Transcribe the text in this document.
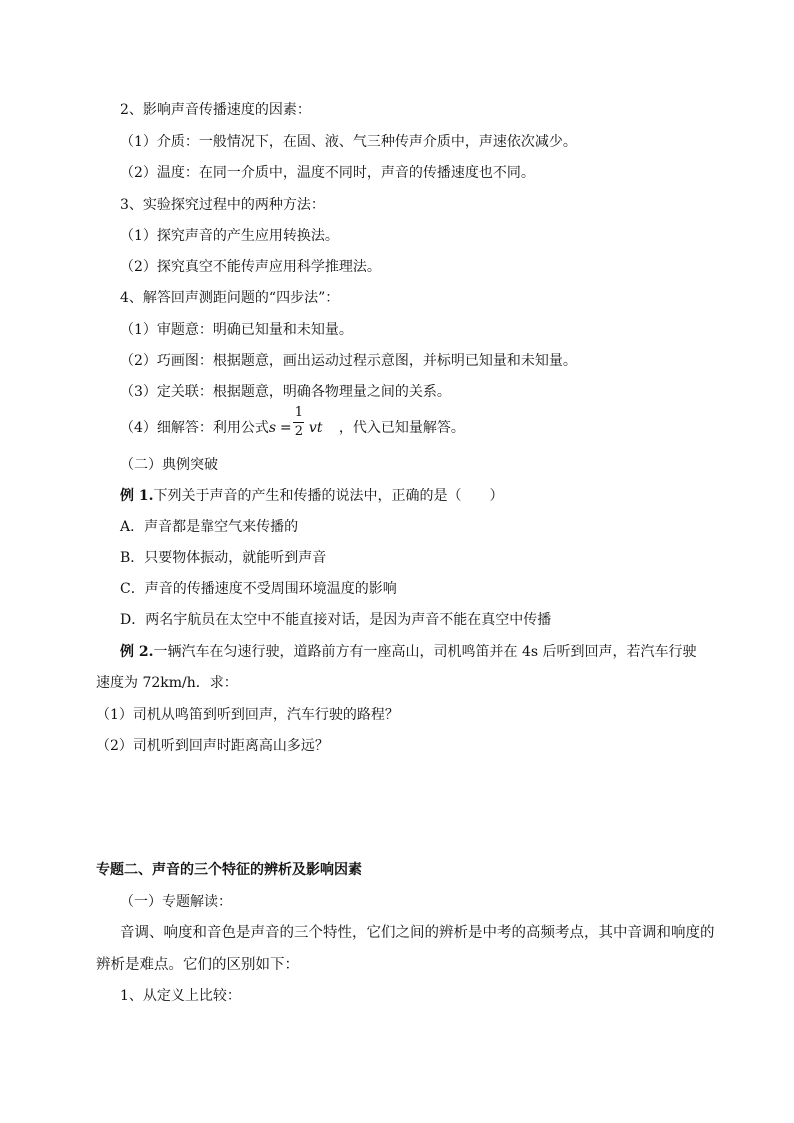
2、影响声音传播速度的因素：
（1）介质：一般情况下，在固、液、气三种传声介质中，声速依次减少。
（2）温度：在同一介质中，温度不同时，声音的传播速度也不同。
3、实验探究过程中的两种方法：
（1）探究声音的产生应用转换法。
（2）探究真空不能传声应用科学推理法。
4、解答回声测距问题的“四步法”：
（1）审题意：明确已知量和未知量。
（2）巧画图：根据题意，画出运动过程示意图，并标明已知量和未知量。
（3）定关联：根据题意，明确各物理量之间的关系。
（4）细解答：利用公式 s =
1
2 vt ，代入已知量解答。
（二）典例突破
例 1.下列关于声音的产生和传播的说法中，正确的是（　　）
A．声音都是靠空气来传播的
B．只要物体振动，就能听到声音
C．声音的传播速度不受周围环境温度的影响
D．两名宇航员在太空中不能直接对话，是因为声音不能在真空中传播
例 2.一辆汽车在匀速行驶，道路前方有一座高山，司机鸣笛并在 4s 后听到回声，若汽车行驶
速度为 72km/h．求：
（1）司机从鸣笛到听到回声，汽车行驶的路程？
（2）司机听到回声时距离高山多远？
专题二、声音的三个特征的辨析及影响因素
（一）专题解读：
音调、响度和音色是声音的三个特性，它们之间的辨析是中考的高频考点，其中音调和响度的
辨析是难点。它们的区别如下：
1、从定义上比较：
